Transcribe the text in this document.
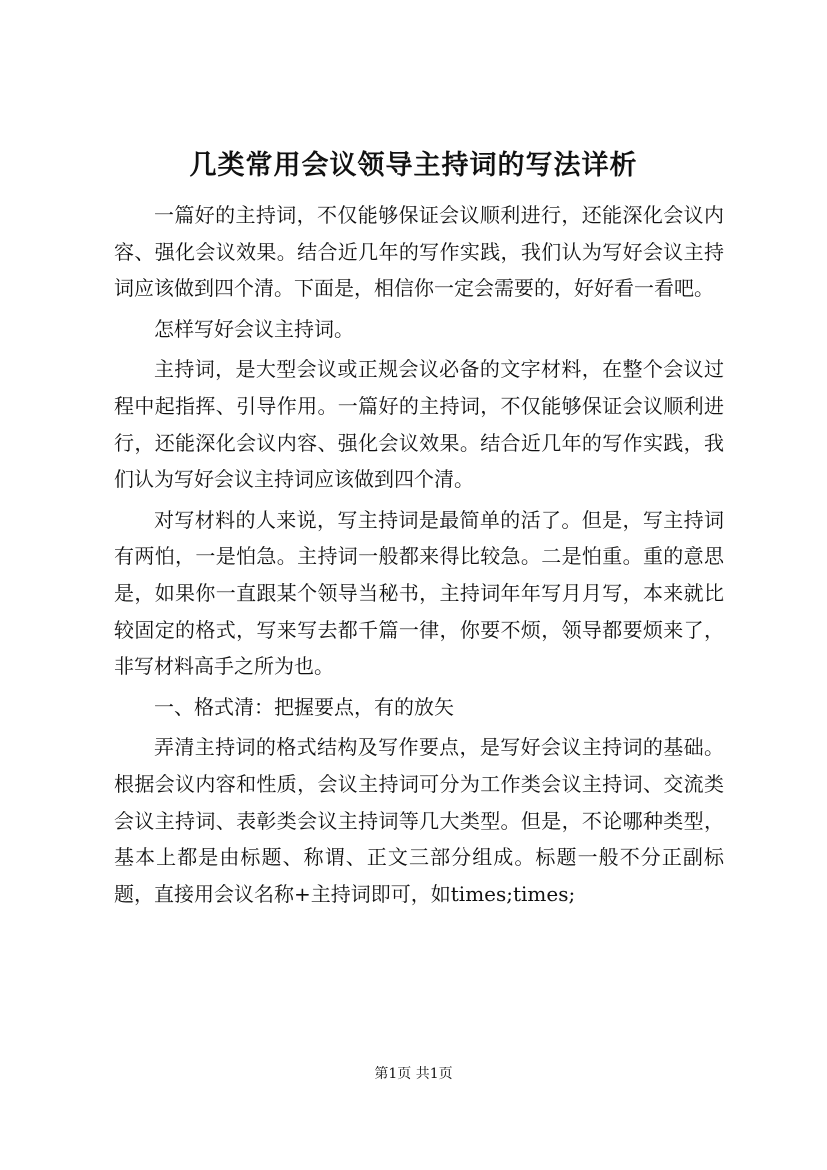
几类常用会议领导主持词的写法详析

一篇好的主持词，不仅能够保证会议顺利进行，还能深化会议内容、强化会议效果。结合近几年的写作实践，我们认为写好会议主持词应该做到四个清。下面是，相信你一定会需要的，好好看一看吧。

怎样写好会议主持词。

主持词，是大型会议或正规会议必备的文字材料，在整个会议过程中起指挥、引导作用。一篇好的主持词，不仅能够保证会议顺利进行，还能深化会议内容、强化会议效果。结合近几年的写作实践，我们认为写好会议主持词应该做到四个清。

对写材料的人来说，写主持词是最简单的活了。但是，写主持词有两怕，一是怕急。主持词一般都来得比较急。二是怕重。重的意思是，如果你一直跟某个领导当秘书，主持词年年写月月写，本来就比较固定的格式，写来写去都千篇一律，你要不烦，领导都要烦来了，非写材料高手之所为也。

一、格式清：把握要点，有的放矢

弄清主持词的格式结构及写作要点，是写好会议主持词的基础。根据会议内容和性质，会议主持词可分为工作类会议主持词、交流类会议主持词、表彰类会议主持词等几大类型。但是，不论哪种类型，基本上都是由标题、称谓、正文三部分组成。标题一般不分正副标题，直接用会议名称+主持词即可，如times;times;

第1页 共1页
